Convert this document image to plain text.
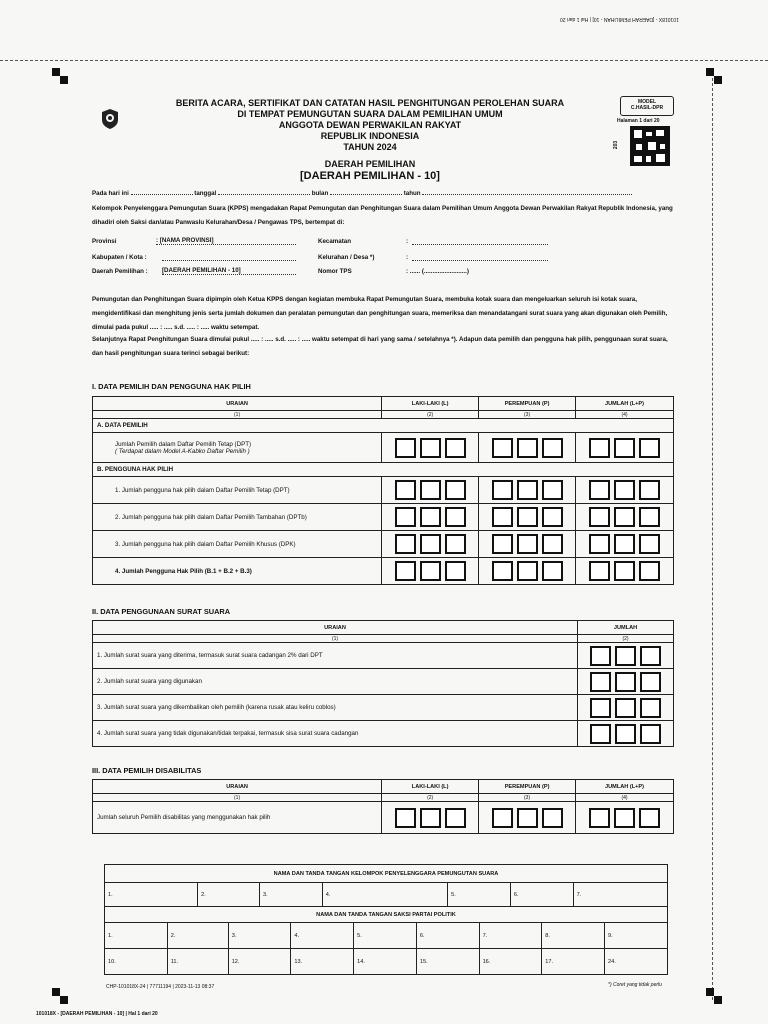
101018X - [DAERAH PEMILIHAN - 10] | Hal 1 dari 20
BERITA ACARA, SERTIFIKAT DAN CATATAN HASIL PENGHITUNGAN PEROLEHAN SUARA
DI TEMPAT PEMUNGUTAN SUARA DALAM PEMILIHAN UMUM
ANGGOTA DEWAN PERWAKILAN RAKYAT
REPUBLIK INDONESIA
TAHUN 2024
DAERAH PEMILIHAN
[DAERAH PEMILIHAN - 10]
MODEL
C.HASIL-DPR
Halaman 1 dari 20
203
Pada hari ini	tanggal	bulan	tahun
Kelompok Penyelenggara Pemungutan Suara (KPPS) mengadakan Rapat Pemungutan dan Penghitungan Suara dalam Pemilihan Umum Anggota Dewan Perwakilan Rakyat Republik Indonesia, yang dihadiri oleh Saksi dan/atau Panwaslu Kelurahan/Desa / Pengawas TPS, bertempat di:
Provinsi	: [NAMA PROVINSI]
Kabupaten / Kota :
Daerah Pemilihan : [DAERAH PEMILIHAN - 10]
Kecamatan	:
Kelurahan / Desa *)	:
Nomor TPS	: ...... (.........................)
Pemungutan dan Penghitungan Suara dipimpin oleh Ketua KPPS dengan kegiatan membuka Rapat Pemungutan Suara, membuka kotak suara dan mengeluarkan seluruh isi kotak suara, mengidentifikasi dan menghitung jenis serta jumlah dokumen dan peralatan pemungutan dan penghitungan suara, memeriksa dan menandatangani surat suara yang akan digunakan oleh Pemilih, dimulai pada pukul ..... : ..... s.d. ..... : ..... waktu setempat.
Selanjutnya Rapat Penghitungan Suara dimulai pukul ..... : ..... s.d. ..... : ..... waktu setempat di hari yang sama / setelahnya *). Adapun data pemilih dan pengguna hak pilih, penggunaan surat suara, dan hasil penghitungan suara terinci sebagai berikut:
I. DATA PEMILIH DAN PENGGUNA HAK PILIH
URAIAN	LAKI-LAKI (L)	PEREMPUAN (P)	JUMLAH (L+P)
(1)	(2)	(3)	(4)
A. DATA PEMILIH			

Jumlah Pemilih dalam Daftar Pemilih Tetap (DPT)
( Terdapat dalam Model A-Kabko Daftar Pemilih )			

B. PENGGUNA HAK PILIH			
1. Jumlah pengguna hak pilih dalam Daftar Pemilih Tetap (DPT)	

2. Jumlah pengguna hak pilih dalam Daftar Pemilih Tambahan (DPTb)	

3. Jumlah pengguna hak pilih dalam Daftar Pemilih Khusus (DPK)	

4. Jumlah Pengguna Hak Pilih (B.1 + B.2 + B.3)	

II. DATA PENGGUNAAN SURAT SUARA
URAIAN	JUMLAH
(1)	(2)
1. Jumlah surat suara yang diterima, termasuk surat suara cadangan 2% dari DPT	

2. Jumlah surat suara yang digunakan	

3. Jumlah surat suara yang dikembalikan oleh pemilih (karena rusak atau keliru coblos)	

4. Jumlah surat suara yang tidak digunakan/tidak terpakai, termasuk sisa surat suara cadangan	
III. DATA PEMILIH DISABILITAS
URAIAN	LAKI-LAKI (L)	PEREMPUAN (P)	JUMLAH (L+P)
(1)	(2)	(3)	(4)
Jumlah seluruh Pemilih disabilitas yang menggunakan hak pilih	

NAMA DAN TANDA TANGAN KELOMPOK PENYELENGGARA PEMUNGUTAN SUARA														
1.		2.		3.		4.			5.		6.		7.	
NAMA DAN TANDA TANGAN SAKSI PARTAI POLITIK														
1.	2.		3.		4.		5.	6.		7.		8.		9.
10.	11.		12.		13.		14.	15.		16.		17.		24.
CHP-101018X-24 | 77711194 | 2023-11-13 08:37	*) Coret yang tidak perlu
101018X - [DAERAH PEMILIHAN - 10] | Hal 1 dari 20
